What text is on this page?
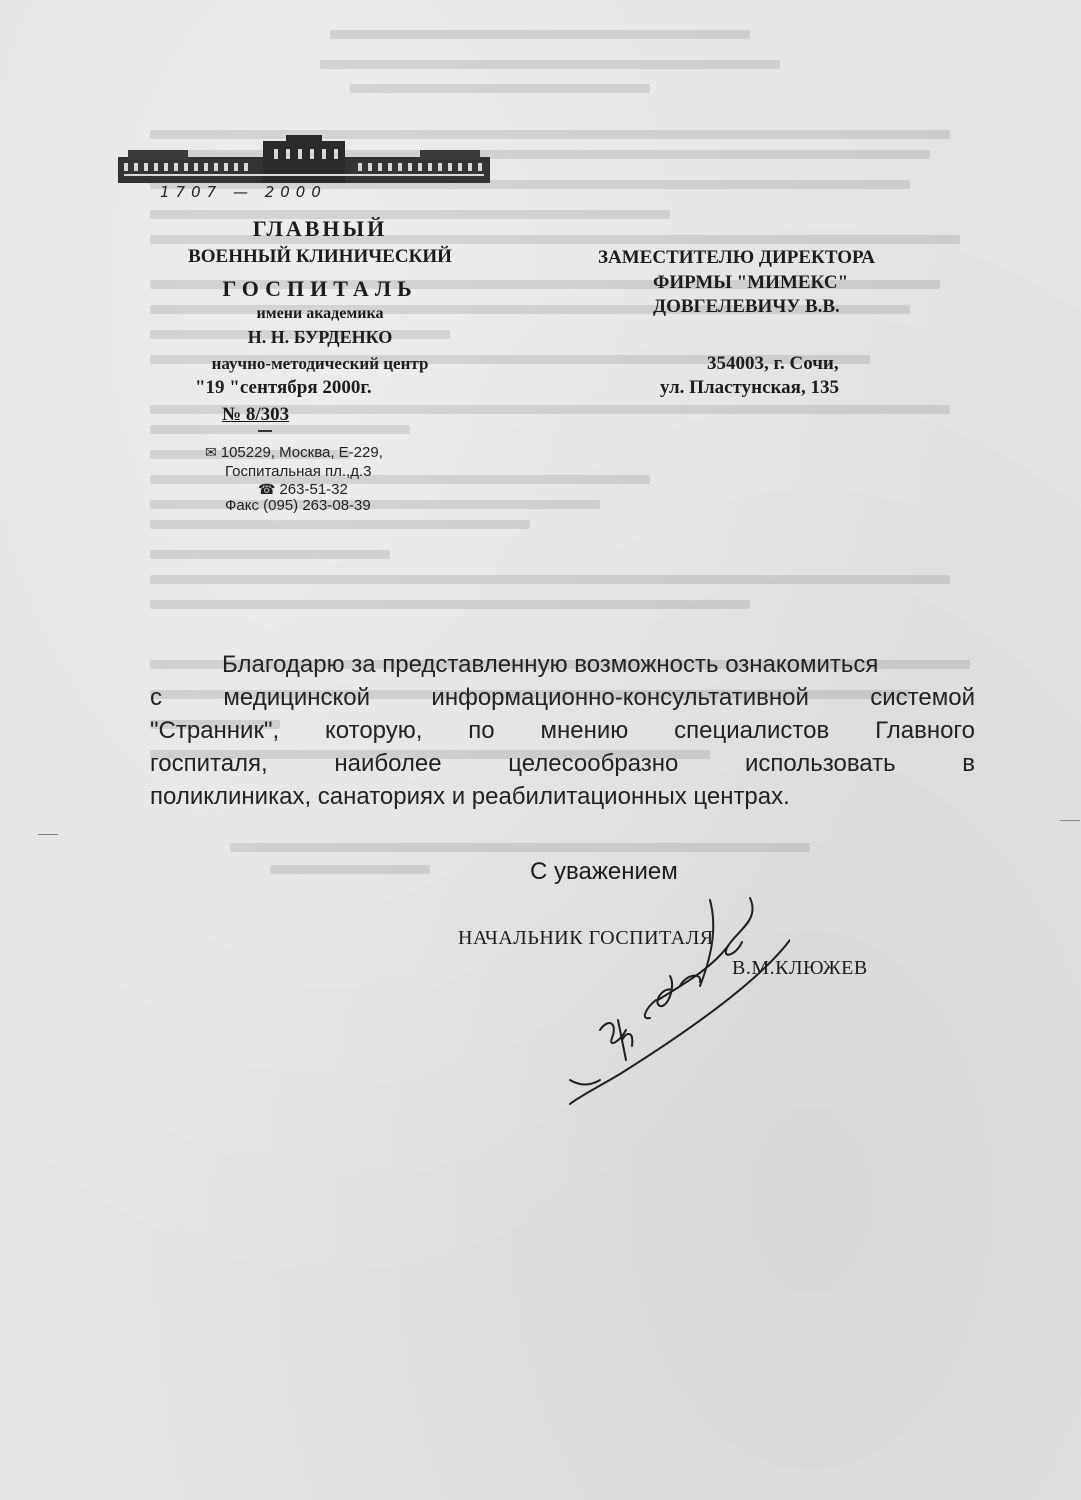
1707 — 2000
ГЛАВНЫЙ
ВОЕННЫЙ КЛИНИЧЕСКИЙ
ГОСПИТАЛЬ
имени академика
Н. Н. БУРДЕНКО
научно-методический центр
"19 "сентября 2000г.
№ 8/303
✉ 105229, Москва, Е-229,
Госпитальная пл.,д.3
☎ 263-51-32
Факс (095) 263-08-39
ЗАМЕСТИТЕЛЮ ДИРЕКТОРА
ФИРМЫ "МИМЕКС"
ДОВГЕЛЕВИЧУ В.В.
354003, г. Сочи,
ул. Пластунская, 135
Благодарю за представленную возможность ознакомиться
с медицинской информационно-консультативной системой
"Странник", которую, по мнению специалистов Главного
госпиталя, наиболее целесообразно использовать в
поликлиниках, санаториях и реабилитационных центрах.
С уважением
НАЧАЛЬНИК ГОСПИТАЛЯ
В.М.КЛЮЖЕВ
